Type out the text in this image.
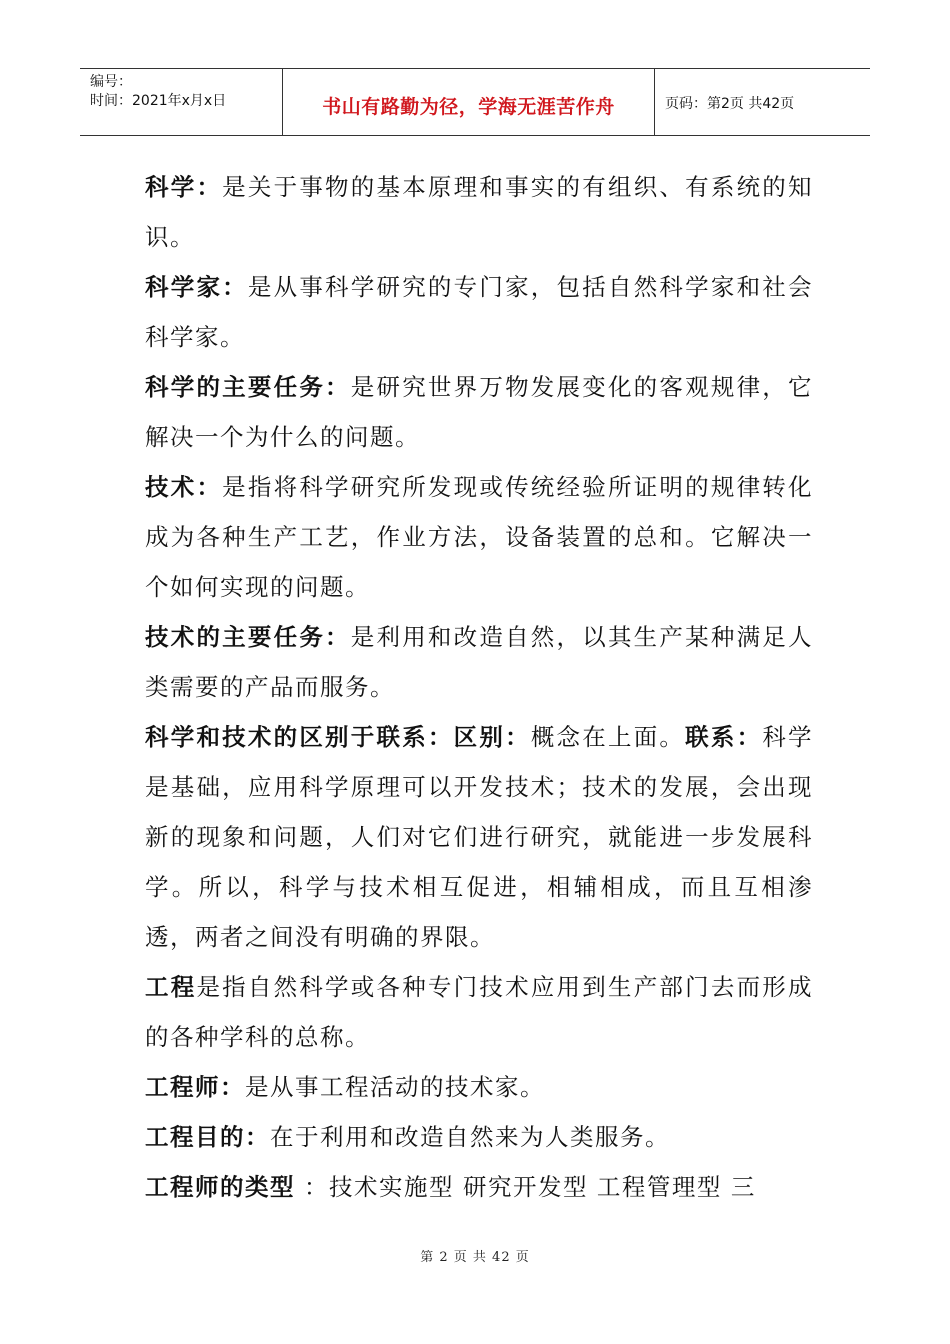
编号：
时间：2021年x月x日	书山有路勤为径，学海无涯苦作舟	页码：第2页 共42页

科学：是关于事物的基本原理和事实的有组织、有系统的知识。

科学家：是从事科学研究的专门家，包括自然科学家和社会科学家。

科学的主要任务：是研究世界万物发展变化的客观规律，它解决一个为什么的问题。

技术：是指将科学研究所发现或传统经验所证明的规律转化成为各种生产工艺，作业方法，设备装置的总和。它解决一个如何实现的问题。

技术的主要任务：是利用和改造自然，以其生产某种满足人类需要的产品而服务。

科学和技术的区别于联系：区别：概念在上面。联系：科学是基础，应用科学原理可以开发技术；技术的发展，会出现新的现象和问题，人们对它们进行研究，就能进一步发展科学。所以，科学与技术相互促进，相辅相成，而且互相渗透，两者之间没有明确的界限。

工程是指自然科学或各种专门技术应用到生产部门去而形成的各种学科的总称。

工程师：是从事工程活动的技术家。

工程目的：在于利用和改造自然来为人类服务。

工程师的类型 ：技术实施型 研究开发型 工程管理型 三

第 2 页 共 42 页
